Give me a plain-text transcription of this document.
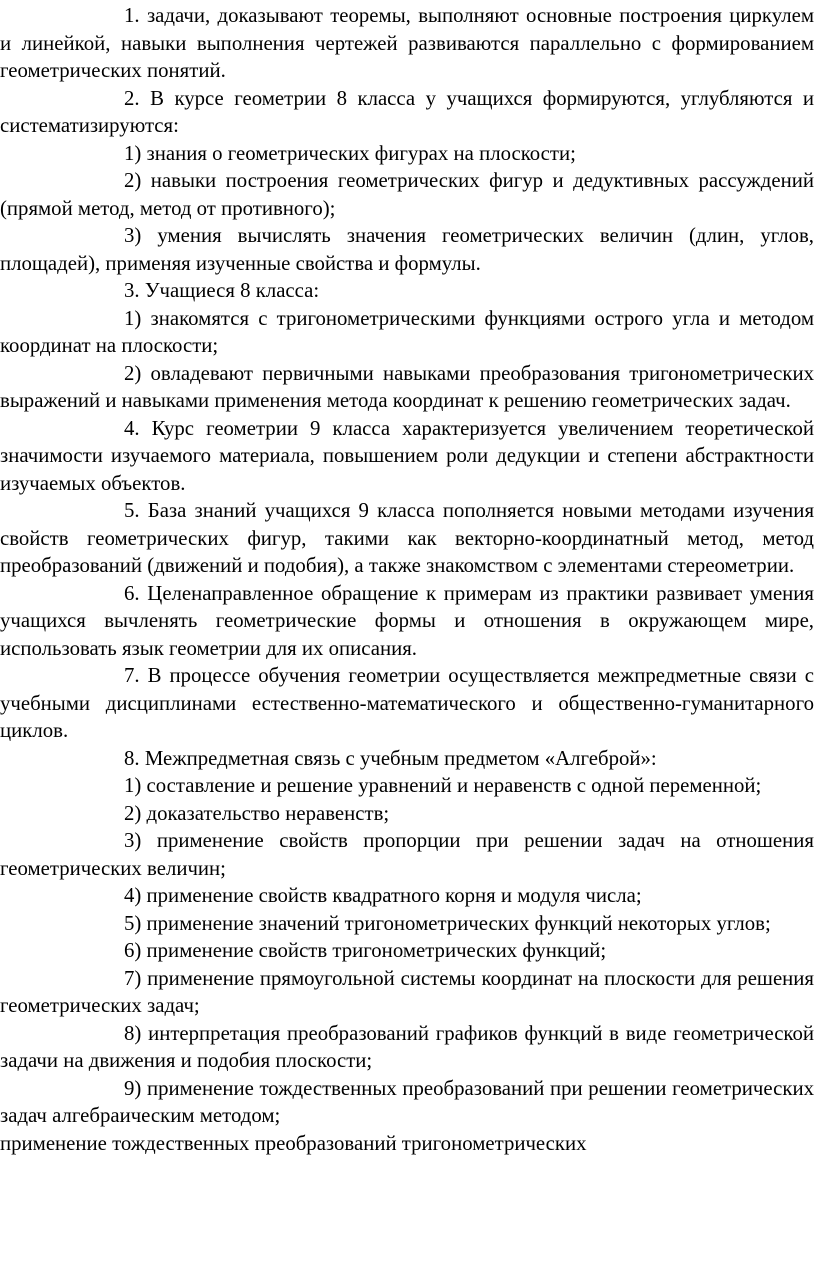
1. задачи, доказывают теоремы, выполняют основные построения циркулем и линейкой, навыки выполнения чертежей развиваются параллельно с формированием геометрических понятий.

2. В курсе геометрии 8 класса у учащихся формируются, углубляются и систематизируются:

1) знания о геометрических фигурах на плоскости;

2) навыки построения геометрических фигур и дедуктивных рассуждений (прямой метод, метод от противного);

3) умения вычислять значения геометрических величин (длин, углов, площадей), применяя изученные свойства и формулы.

3. Учащиеся 8 класса:

1) знакомятся с тригонометрическими функциями острого угла и методом координат на плоскости;

2) овладевают первичными навыками преобразования тригонометрических выражений и навыками применения метода координат к решению геометрических задач.

4. Курс геометрии 9 класса характеризуется увеличением теоретической значимости изучаемого материала, повышением роли дедукции и степени абстрактности изучаемых объектов.

5. База знаний учащихся 9 класса пополняется новыми методами изучения свойств геометрических фигур, такими как векторно-координатный метод, метод преобразований (движений и подобия), а также знакомством с элементами стереометрии.

6. Целенаправленное обращение к примерам из практики развивает умения учащихся вычленять геометрические формы и отношения в окружающем мире, использовать язык геометрии для их описания.

7. В процессе обучения геометрии осуществляется межпредметные связи с учебными дисциплинами естественно-математического и общественно-гуманитарного циклов.

8. Межпредметная связь с учебным предметом «Алгеброй»:

1) составление и решение уравнений и неравенств с одной переменной;

2) доказательство неравенств;

3) применение свойств пропорции при решении задач на отношения геометрических величин;

4) применение свойств квадратного корня и модуля числа;

5) применение значений тригонометрических функций некоторых углов;

6) применение свойств тригонометрических функций;

7) применение прямоугольной системы координат на плоскости для решения геометрических задач;

8) интерпретация преобразований графиков функций в виде геометрической задачи на движения и подобия плоскости;

9) применение тождественных преобразований при решении геометрических задач алгебраическим методом;

применение тождественных преобразований тригонометрических
